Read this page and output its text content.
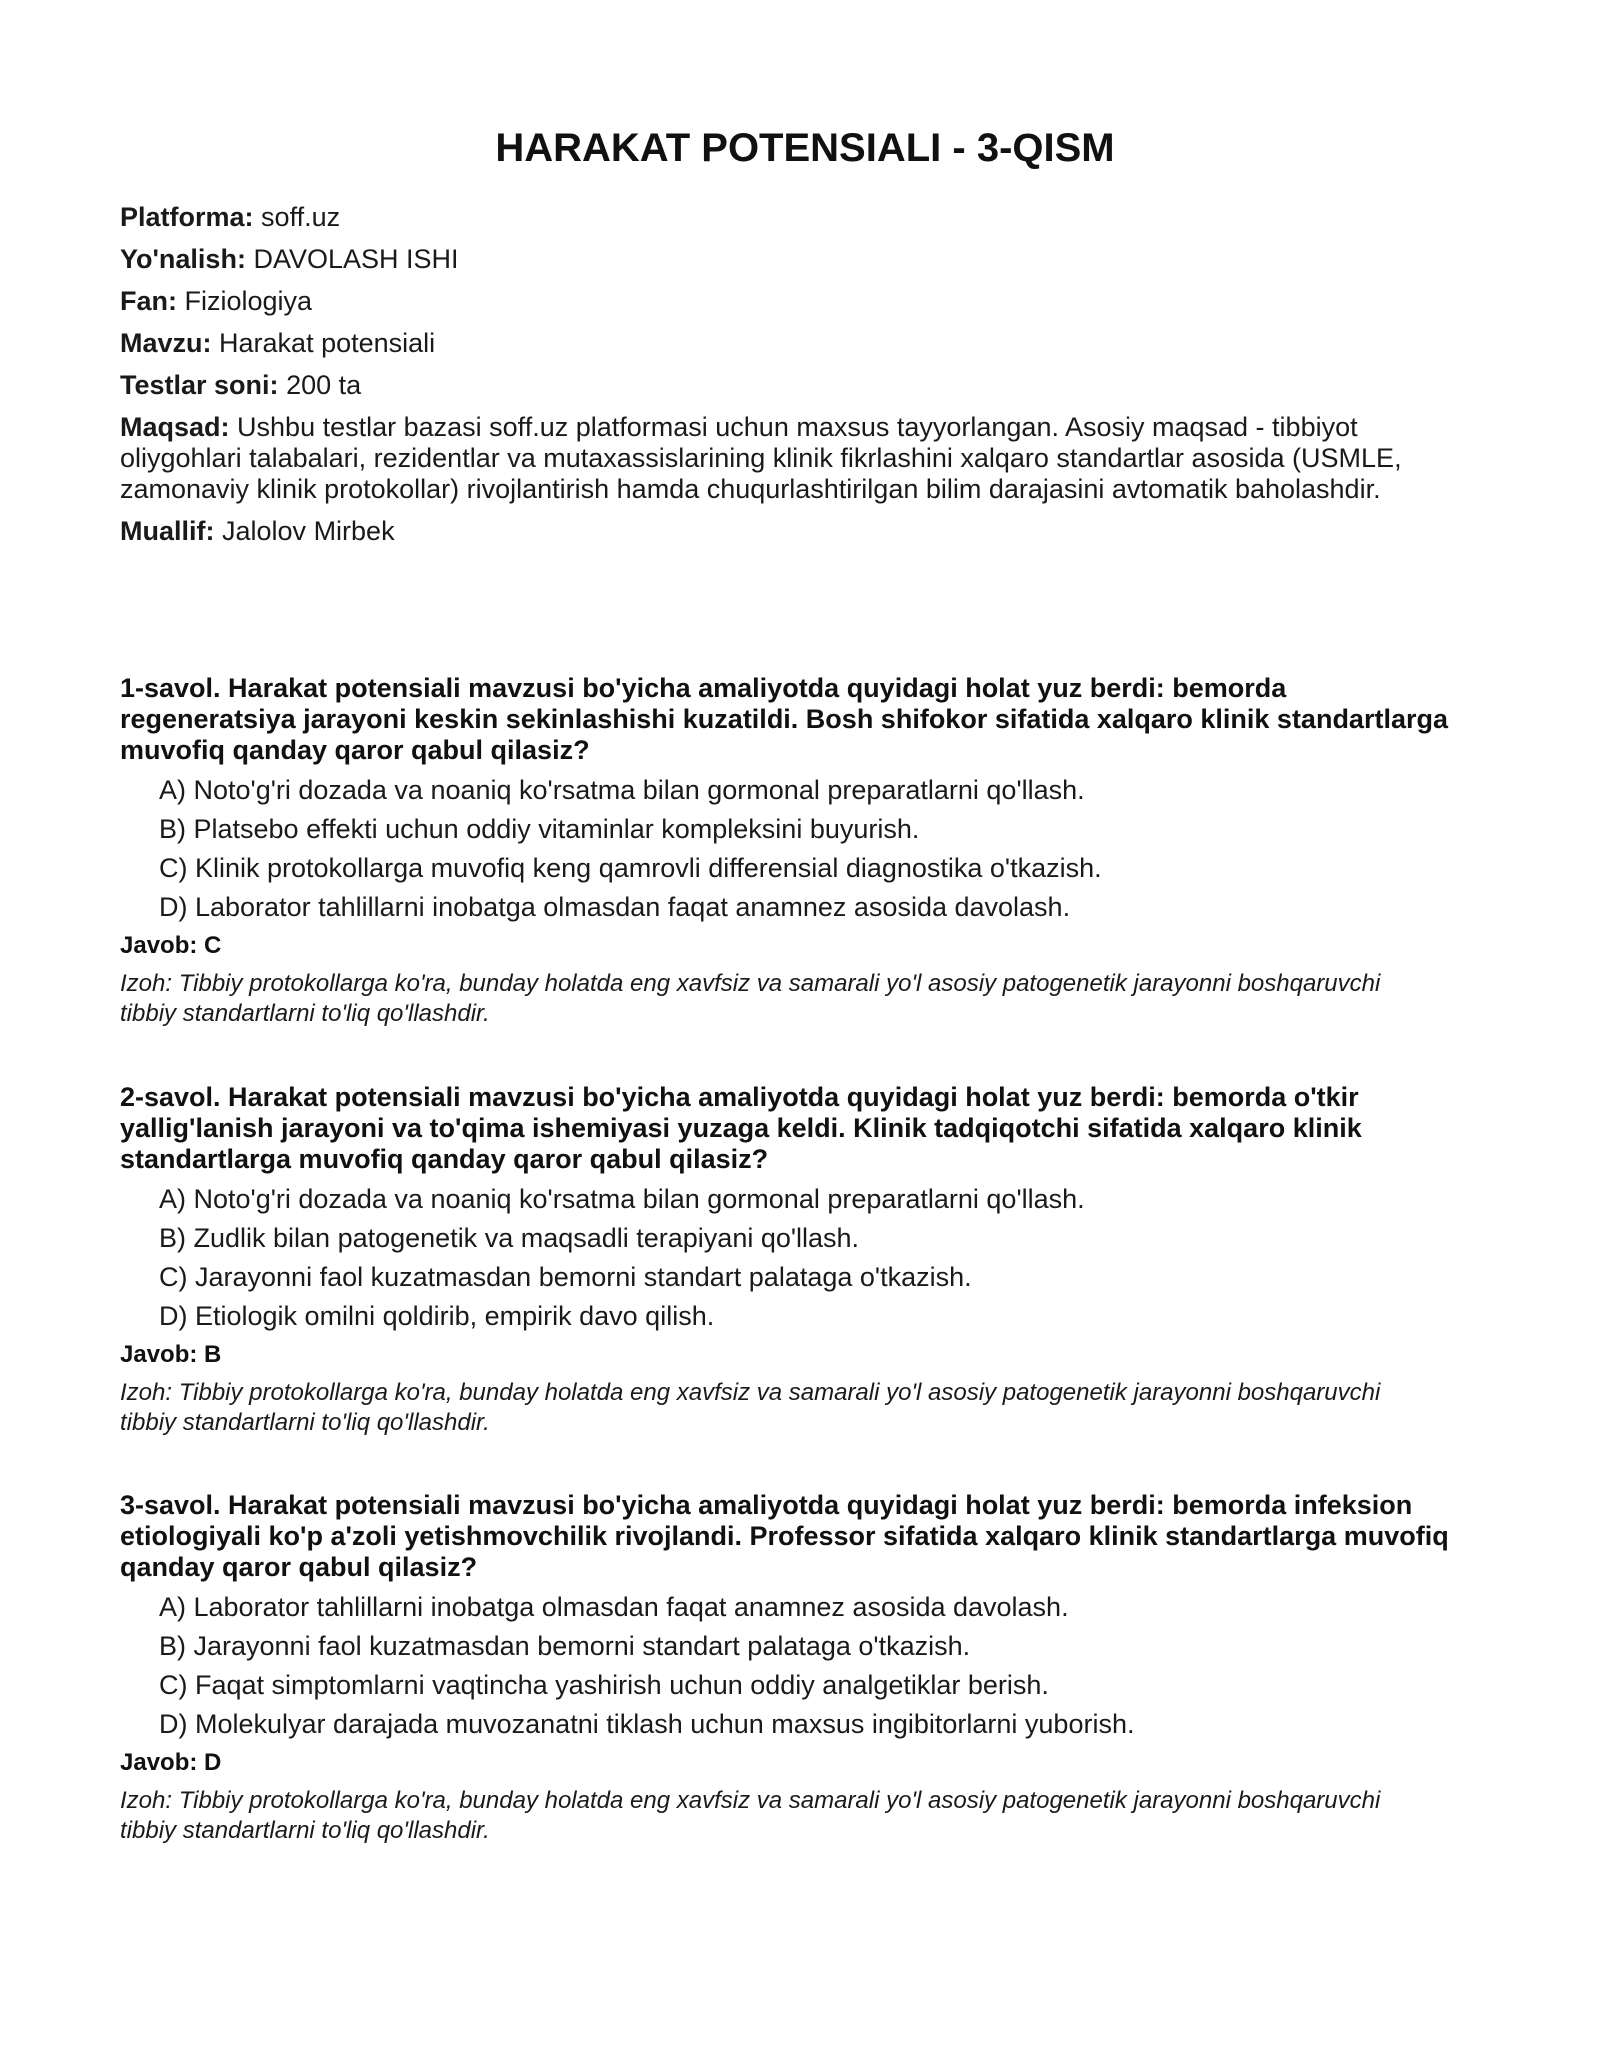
HARAKAT POTENSIALI - 3-QISM
Platforma: soff.uz
Yo'nalish: DAVOLASH ISHI
Fan: Fiziologiya
Mavzu: Harakat potensiali
Testlar soni: 200 ta
Maqsad: Ushbu testlar bazasi soff.uz platformasi uchun maxsus tayyorlangan. Asosiy maqsad - tibbiyot oliygohlari talabalari, rezidentlar va mutaxassislarining klinik fikrlashini xalqaro standartlar asosida (USMLE, zamonaviy klinik protokollar) rivojlantirish hamda chuqurlashtirilgan bilim darajasini avtomatik baholashdir.
Muallif: Jalolov Mirbek
1-savol. Harakat potensiali mavzusi bo'yicha amaliyotda quyidagi holat yuz berdi: bemorda regeneratsiya jarayoni keskin sekinlashishi kuzatildi. Bosh shifokor sifatida xalqaro klinik standartlarga muvofiq qanday qaror qabul qilasiz?
A) Noto'g'ri dozada va noaniq ko'rsatma bilan gormonal preparatlarni qo'llash.
B) Platsebo effekti uchun oddiy vitaminlar kompleksini buyurish.
C) Klinik protokollarga muvofiq keng qamrovli differensial diagnostika o'tkazish.
D) Laborator tahlillarni inobatga olmasdan faqat anamnez asosida davolash.
Javob: C
Izoh: Tibbiy protokollarga ko'ra, bunday holatda eng xavfsiz va samarali yo'l asosiy patogenetik jarayonni boshqaruvchi tibbiy standartlarni to'liq qo'llashdir.
2-savol. Harakat potensiali mavzusi bo'yicha amaliyotda quyidagi holat yuz berdi: bemorda o'tkir yallig'lanish jarayoni va to'qima ishemiyasi yuzaga keldi. Klinik tadqiqotchi sifatida xalqaro klinik standartlarga muvofiq qanday qaror qabul qilasiz?
A) Noto'g'ri dozada va noaniq ko'rsatma bilan gormonal preparatlarni qo'llash.
B) Zudlik bilan patogenetik va maqsadli terapiyani qo'llash.
C) Jarayonni faol kuzatmasdan bemorni standart palataga o'tkazish.
D) Etiologik omilni qoldirib, empirik davo qilish.
Javob: B
Izoh: Tibbiy protokollarga ko'ra, bunday holatda eng xavfsiz va samarali yo'l asosiy patogenetik jarayonni boshqaruvchi tibbiy standartlarni to'liq qo'llashdir.
3-savol. Harakat potensiali mavzusi bo'yicha amaliyotda quyidagi holat yuz berdi: bemorda infeksion etiologiyali ko'p a'zoli yetishmovchilik rivojlandi. Professor sifatida xalqaro klinik standartlarga muvofiq qanday qaror qabul qilasiz?
A) Laborator tahlillarni inobatga olmasdan faqat anamnez asosida davolash.
B) Jarayonni faol kuzatmasdan bemorni standart palataga o'tkazish.
C) Faqat simptomlarni vaqtincha yashirish uchun oddiy analgetiklar berish.
D) Molekulyar darajada muvozanatni tiklash uchun maxsus ingibitorlarni yuborish.
Javob: D
Izoh: Tibbiy protokollarga ko'ra, bunday holatda eng xavfsiz va samarali yo'l asosiy patogenetik jarayonni boshqaruvchi tibbiy standartlarni to'liq qo'llashdir.
